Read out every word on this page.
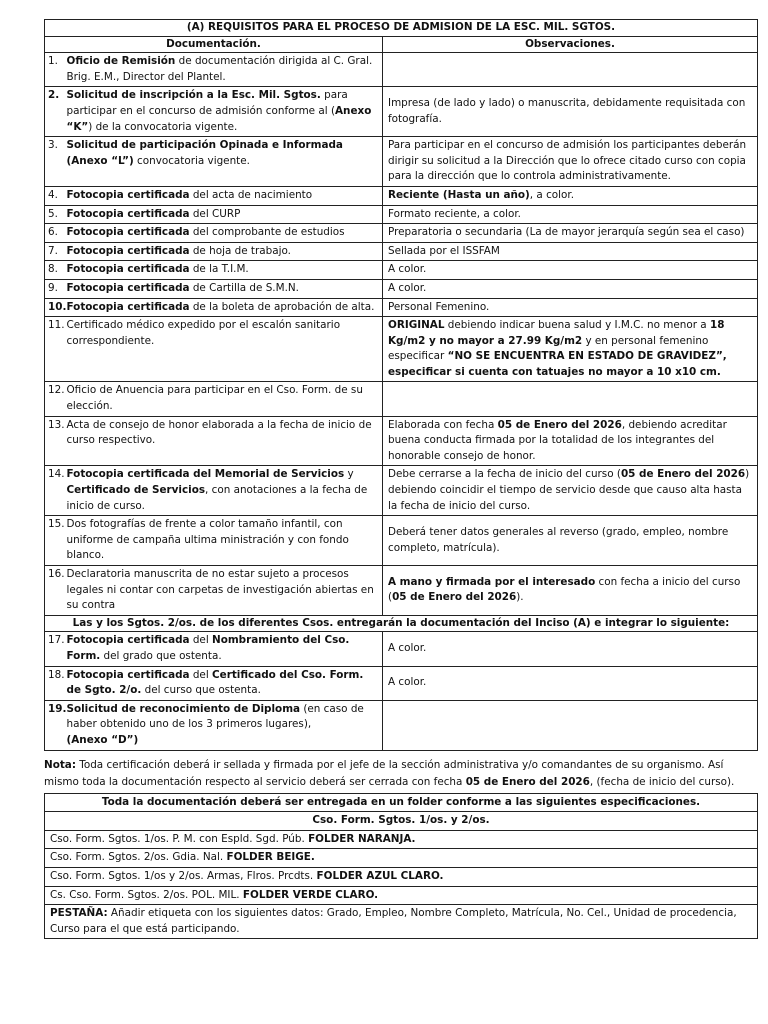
(A) REQUISITOS PARA EL PROCESO DE ADMISION DE LA ESC. MIL. SGTOS.		
Documentación.		Observaciones.
1.	Oficio de Remisión de documentación dirigida al C. Gral. Brig. E.M., Director del Plantel.	
2.	Solicitud de inscripción a la Esc. Mil. Sgtos. para participar en el concurso de admisión conforme al (Anexo “K”) de la convocatoria vigente.	Impresa (de lado y lado) o manuscrita, debidamente requisitada con fotografía.
3.	Solicitud de participación Opinada e Informada (Anexo “L”) convocatoria vigente.	Para participar en el concurso de admisión los participantes deberán dirigir su solicitud a la Dirección que lo ofrece citado curso con copia para la dirección que lo controla administrativamente.
4.	Fotocopia certificada del acta de nacimiento	Reciente (Hasta un año), a color.
5.	Fotocopia certificada del CURP	Formato reciente, a color.
6.	Fotocopia certificada del comprobante de estudios	Preparatoria o secundaria (La de mayor jerarquía según sea el caso)
7.	Fotocopia certificada de hoja de trabajo.	Sellada por el ISSFAM
8.	Fotocopia certificada de la T.I.M.	A color.
9.	Fotocopia certificada de Cartilla de S.M.N.	A color.
10.	Fotocopia certificada de la boleta de aprobación de alta.	Personal Femenino.
11.	Certificado médico expedido por el escalón sanitario correspondiente.	ORIGINAL debiendo indicar buena salud y I.M.C. no menor a 18 Kg/m2 y no mayor a 27.99 Kg/m2 y en personal femenino especificar “NO SE ENCUENTRA EN ESTADO DE GRAVIDEZ”, especificar si cuenta con tatuajes no mayor a 10 x10 cm.
12.	Oficio de Anuencia para participar en el Cso. Form. de su elección.	
13.	Acta de consejo de honor elaborada a la fecha de inicio de curso respectivo.	Elaborada con fecha 05 de Enero del 2026, debiendo acreditar buena conducta firmada por la totalidad de los integrantes del honorable consejo de honor.
14.	Fotocopia certificada del Memorial de Servicios y Certificado de Servicios, con anotaciones a la fecha de inicio de curso.	Debe cerrarse a la fecha de inicio del curso (05 de Enero del 2026) debiendo coincidir el tiempo de servicio desde que causo alta hasta la fecha de inicio del curso.
15.	Dos fotografías de frente a color tamaño infantil, con uniforme de campaña ultima ministración y con fondo blanco.	Deberá tener datos generales al reverso (grado, empleo, nombre completo, matrícula).
16.	Declaratoria manuscrita de no estar sujeto a procesos legales ni contar con carpetas de investigación abiertas en su contra	A mano y firmada por el interesado con fecha a inicio del curso (05 de Enero del 2026).
Las y los Sgtos. 2/os. de los diferentes Csos. entregarán la documentación del Inciso (A) e integrar lo siguiente:		
17.	Fotocopia certificada del Nombramiento del Cso. Form. del grado que ostenta.	A color.
18.	Fotocopia certificada del Certificado del Cso. Form. de Sgto. 2/o. del curso que ostenta.	A color.
19.	Solicitud de reconocimiento de Diploma (en caso de haber obtenido uno de los 3 primeros lugares),
(Anexo “D”)	
Nota: Toda certificación deberá ir sellada y firmada por el jefe de la sección administrativa y/o comandantes de su organismo. Así mismo toda la documentación respecto al servicio deberá ser cerrada con fecha 05 de Enero del 2026, (fecha de inicio del curso).
Toda la documentación deberá ser entregada en un folder conforme a las siguientes especificaciones.
Cso. Form. Sgtos. 1/os. y 2/os.
Cso. Form. Sgtos. 1/os. P. M. con Espld. Sgd. Púb. FOLDER NARANJA.
Cso. Form. Sgtos. 2/os. Gdia. Nal. FOLDER BEIGE.
Cso. Form. Sgtos. 1/os y 2/os. Armas, Flros. Prcdts. FOLDER AZUL CLARO.
Cs. Cso. Form. Sgtos. 2/os. POL. MIL. FOLDER VERDE CLARO.
PESTAÑA: Añadir etiqueta con los siguientes datos: Grado, Empleo, Nombre Completo, Matrícula, No. Cel., Unidad de procedencia, Curso para el que está participando.
